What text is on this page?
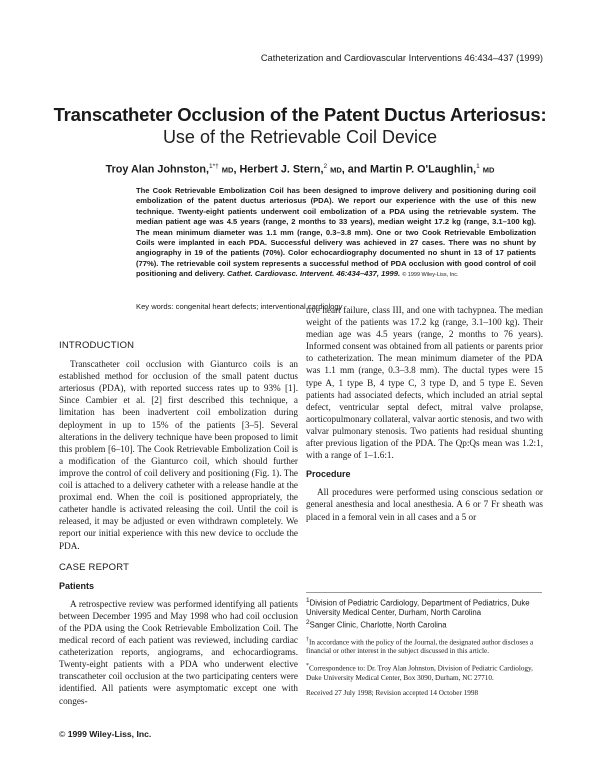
Catheterization and Cardiovascular Interventions 46:434–437 (1999)
Transcatheter Occlusion of the Patent Ductus Arteriosus:
Use of the Retrievable Coil Device
Troy Alan Johnston,$^{1*\dagger}$ MD, Herbert J. Stern,$^2$ MD, and Martin P. O'Laughlin,$^1$ MD
The Cook Retrievable Embolization Coil has been designed to improve delivery and positioning during coil embolization of the patent ductus arteriosus (PDA). We report our experience with the use of this new technique. Twenty-eight patients underwent coil embolization of a PDA using the retrievable system. The median patient age was 4.5 years (range, 2 months to 33 years), median weight 17.2 kg (range, 3.1–100 kg). The mean minimum diameter was 1.1 mm (range, 0.3–3.8 mm). One or two Cook Retrievable Embolization Coils were implanted in each PDA. Successful delivery was achieved in 27 cases. There was no shunt by angiography in 19 of the patients (70%). Color echocardiography documented no shunt in 13 of 17 patients (77%). The retrievable coil system represents a successful method of PDA occlusion with good control of coil positioning and delivery. Cathet. Cardiovasc. Intervent. 46:434–437, 1999. © 1999 Wiley-Liss, Inc.
Key words: congenital heart defects; interventional cardiology
INTRODUCTION

Transcatheter coil occlusion with Gianturco coils is an established method for occlusion of the small patent ductus arteriosus (PDA), with reported success rates up to 93% [1]. Since Cambier et al. [2] first described this technique, a limitation has been inadvertent coil embolization during deployment in up to 15% of the patients [3–5]. Several alterations in the delivery technique have been proposed to limit this problem [6–10]. The Cook Retrievable Embolization Coil is a modification of the Gianturco coil, which should further improve the control of coil delivery and positioning (Fig. 1). The coil is attached to a delivery catheter with a release handle at the proximal end. When the coil is positioned appropriately, the catheter handle is activated releasing the coil. Until the coil is released, it may be adjusted or even withdrawn completely. We report our initial experience with this new device to occlude the PDA.

CASE REPORT
Patients

A retrospective review was performed identifying all patients between December 1995 and May 1998 who had coil occlusion of the PDA using the Cook Retrievable Embolization Coil. The medical record of each patient was reviewed, including cardiac catheterization reports, angiograms, and echocardiograms. Twenty-eight patients with a PDA who underwent elective transcatheter coil occlusion at the two participating centers were identified. All patients were asymptomatic except one with conges-

tive heart failure, class III, and one with tachypnea. The median weight of the patients was 17.2 kg (range, 3.1–100 kg). Their median age was 4.5 years (range, 2 months to 76 years). Informed consent was obtained from all patients or parents prior to catheterization. The mean minimum diameter of the PDA was 1.1 mm (range, 0.3–3.8 mm). The ductal types were 15 type A, 1 type B, 4 type C, 3 type D, and 5 type E. Seven patients had associated defects, which included an atrial septal defect, ventricular septal defect, mitral valve prolapse, aorticopulmonary collateral, valvar aortic stenosis, and two with valvar pulmonary stenosis. Two patients had residual shunting after previous ligation of the PDA. The Qp:Qs mean was 1.2:1, with a range of 1–1.6:1.

Procedure

All procedures were performed using conscious sedation or general anesthesia and local anesthesia. A 6 or 7 Fr sheath was placed in a femoral vein in all cases and a 5 or

$^1$Division of Pediatric Cardiology, Department of Pediatrics, Duke University Medical Center, Durham, North Carolina
$^2$Sanger Clinic, Charlotte, North Carolina
†In accordance with the policy of the Journal, the designated author discloses a financial or other interest in the subject discussed in this article.
*Correspondence to: Dr. Troy Alan Johnston, Division of Pediatric Cardiology, Duke University Medical Center, Box 3090, Durham, NC 27710.
Received 27 July 1998; Revision accepted 14 October 1998
© 1999 Wiley-Liss, Inc.
